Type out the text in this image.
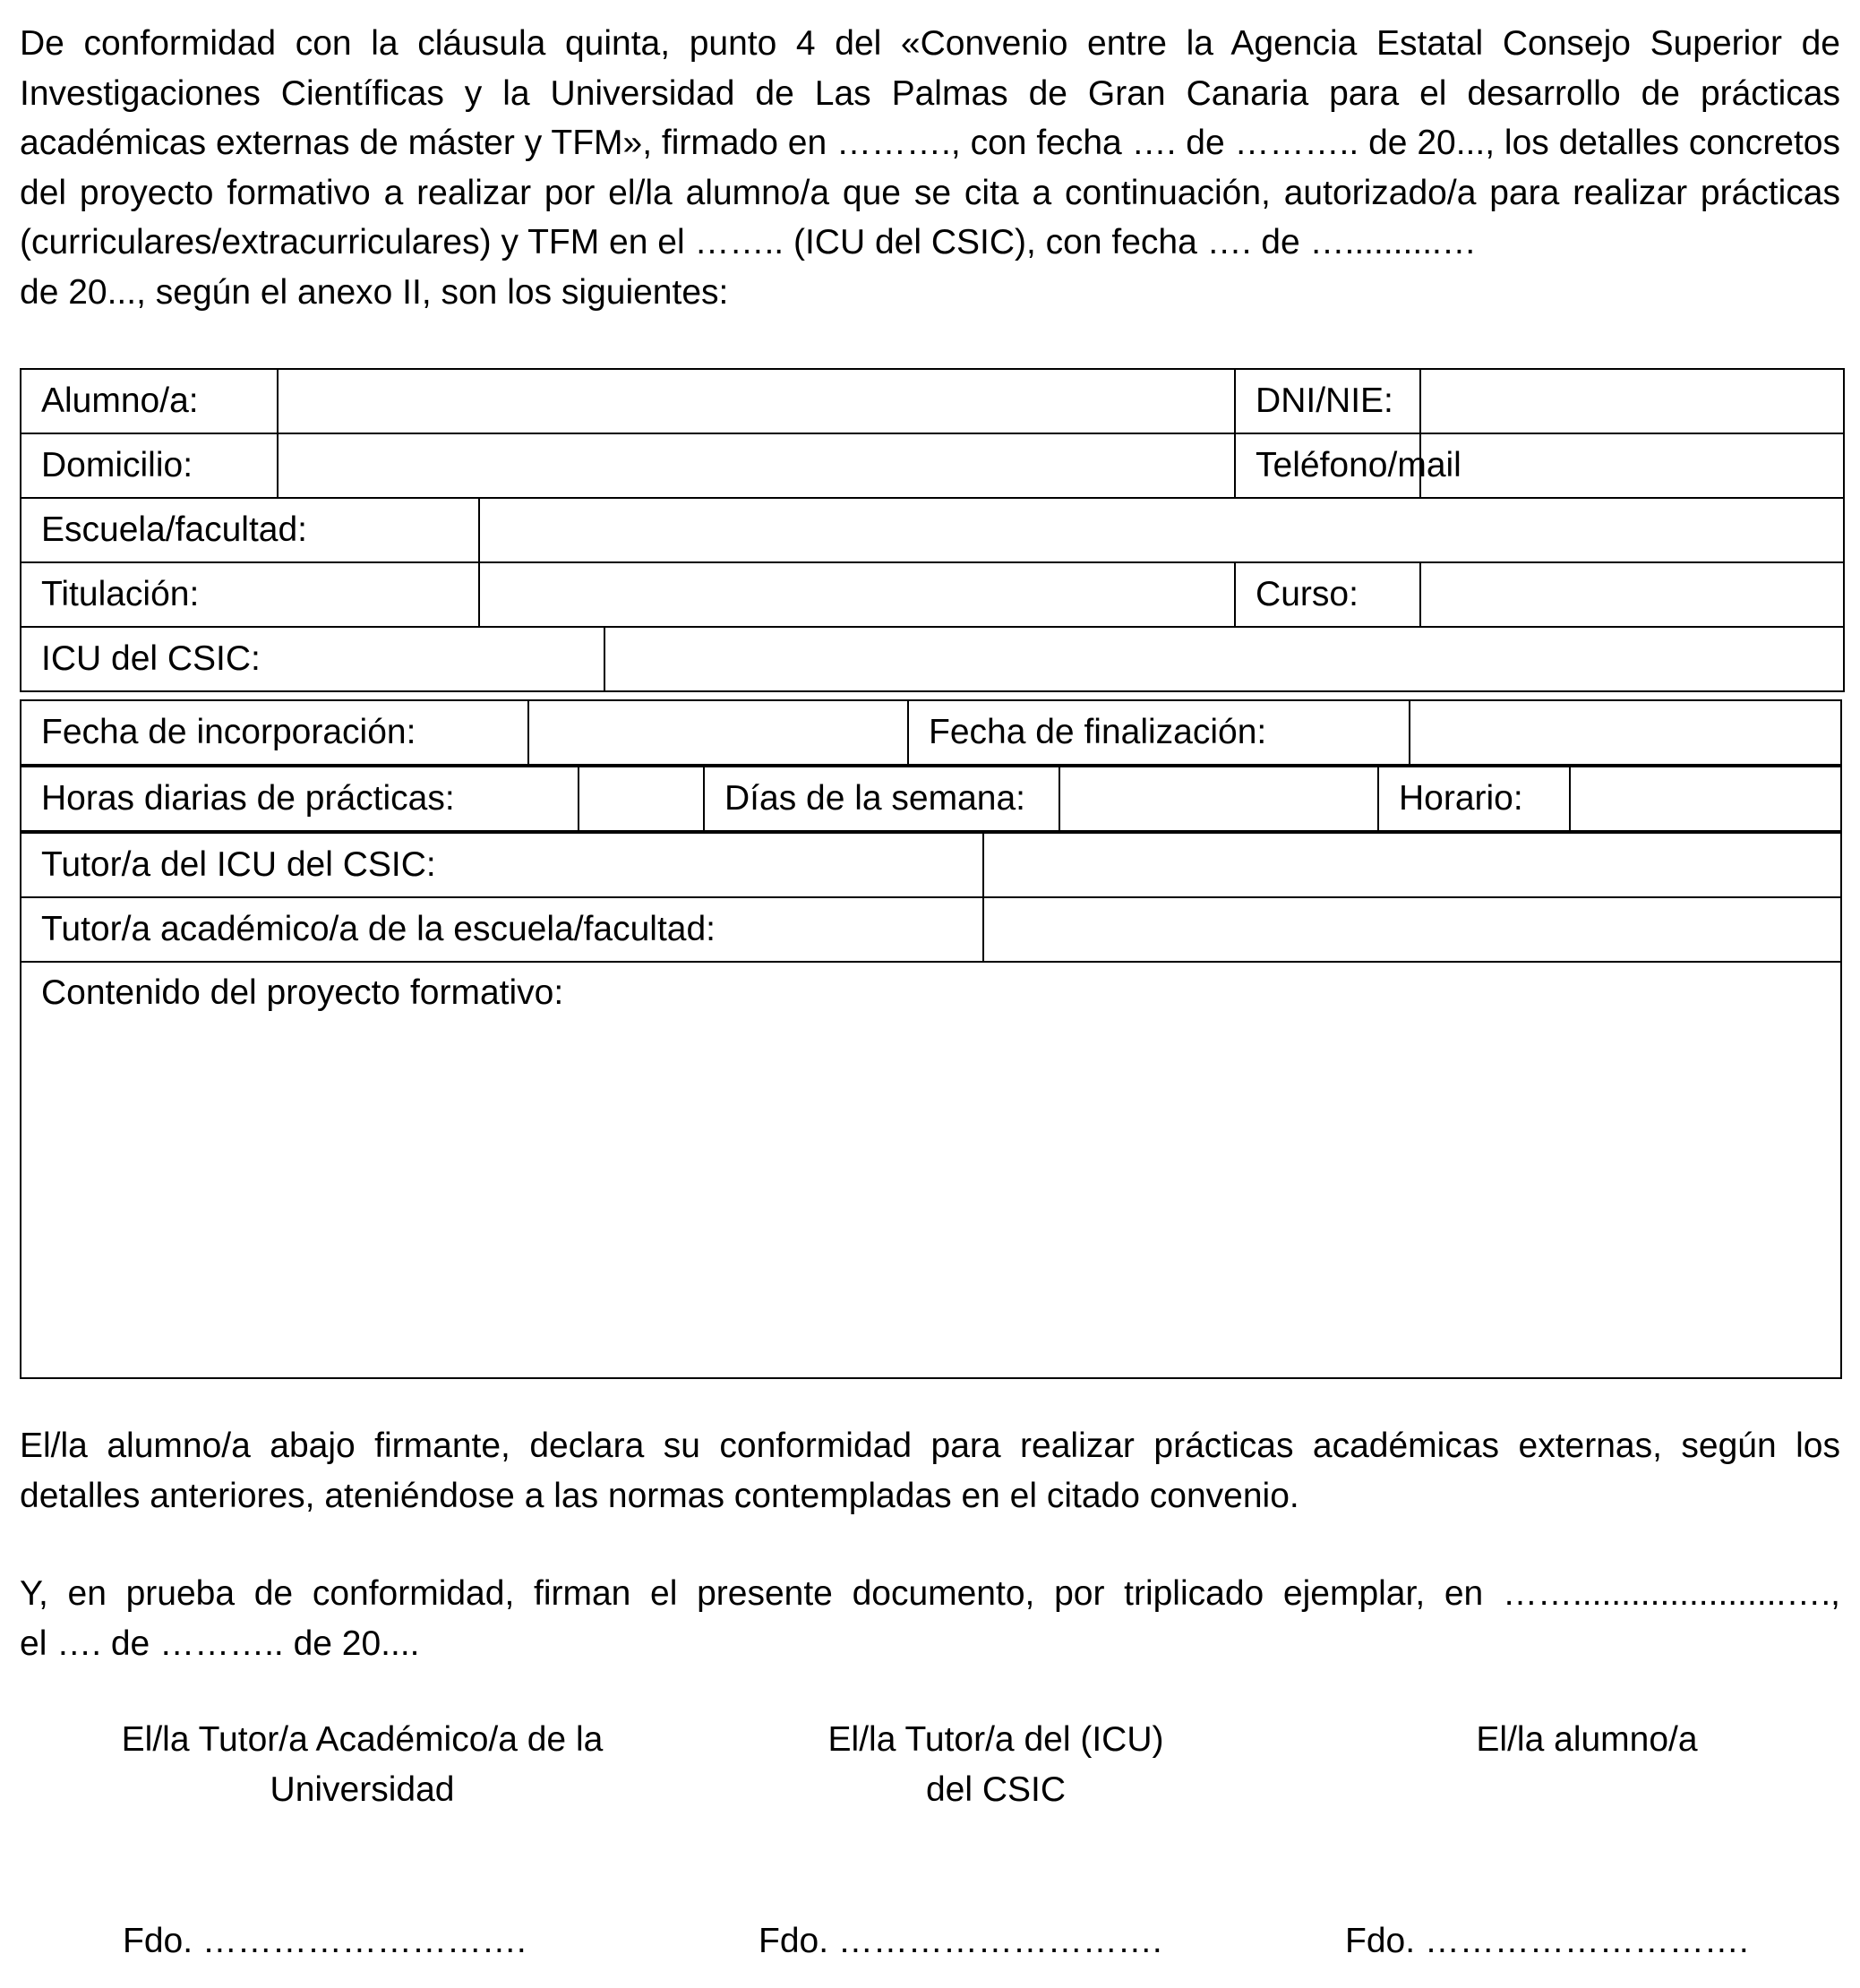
De conformidad con la cláusula quinta, punto 4 del «Convenio entre la Agencia Estatal Consejo Superior de Investigaciones Científicas y la Universidad de Las Palmas de Gran Canaria para el desarrollo de prácticas académicas externas de máster y TFM», firmado en ………., con fecha …. de ……….. de 20..., los detalles concretos del proyecto formativo a realizar por el/la alumno/a que se cita a continuación, autorizado/a para realizar prácticas (curriculares/extracurriculares) y TFM en el …….. (ICU del CSIC), con fecha …. de …..........…
de 20..., según el anexo II, son los siguientes:

Alumno/a:				DNI/NIE:	
Domicilio:				Teléfono/mail	
Escuela/facultad:					
Titulación:				Curso:	
ICU del CSIC:					
Fecha de incorporación:		Fecha de finalización:	
Horas diarias de prácticas:		Días de la semana:		Horario:	
Tutor/a del ICU del CSIC:	
Tutor/a académico/a de la escuela/facultad:	
Contenido del proyecto formativo:	

El/la alumno/a abajo firmante, declara su conformidad para realizar prácticas académicas externas, según los detalles anteriores, ateniéndose a las normas contempladas en el citado convenio.

Y, en prueba de conformidad, firman el presente documento, por triplicado ejemplar, en ……......................….,
el …. de ……….. de 20....

El/la Tutor/a Académico/a de la
Universidad
El/la Tutor/a del (ICU)
del CSIC
El/la alumno/a
Fdo. ……………………….	Fdo. ……………………….	Fdo. ……………………….
